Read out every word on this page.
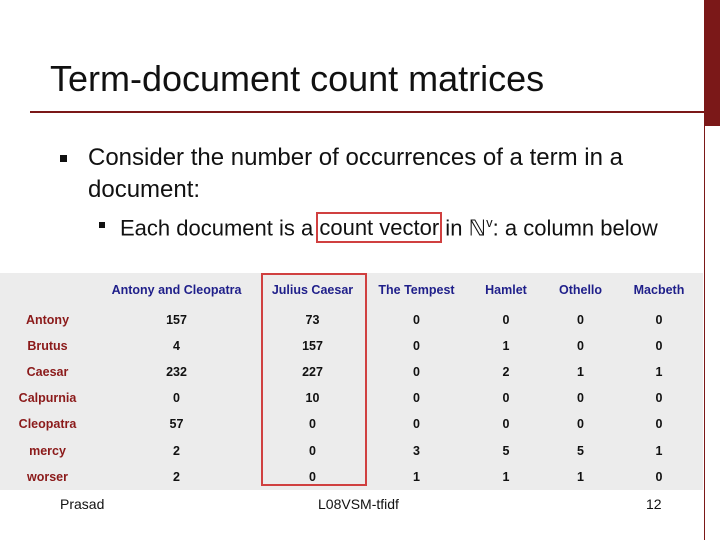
Term-document count matrices
Consider the number of occurrences of a term in a document:
Each document is a count vector in ℕ$^v$: a column below
	Antony and Cleopatra	Julius Caesar	The Tempest	Hamlet	Othello	Macbeth
Antony	157	73	0	0	0	0
Brutus	4	157	0	1	0	0
Caesar	232	227	0	2	1	1
Calpurnia	0	10	0	0	0	0
Cleopatra	57	0	0	0	0	0
mercy	2	0	3	5	5	1
worser	2	0	1	1	1	0
Prasad	L08VSM-tfidf	12
